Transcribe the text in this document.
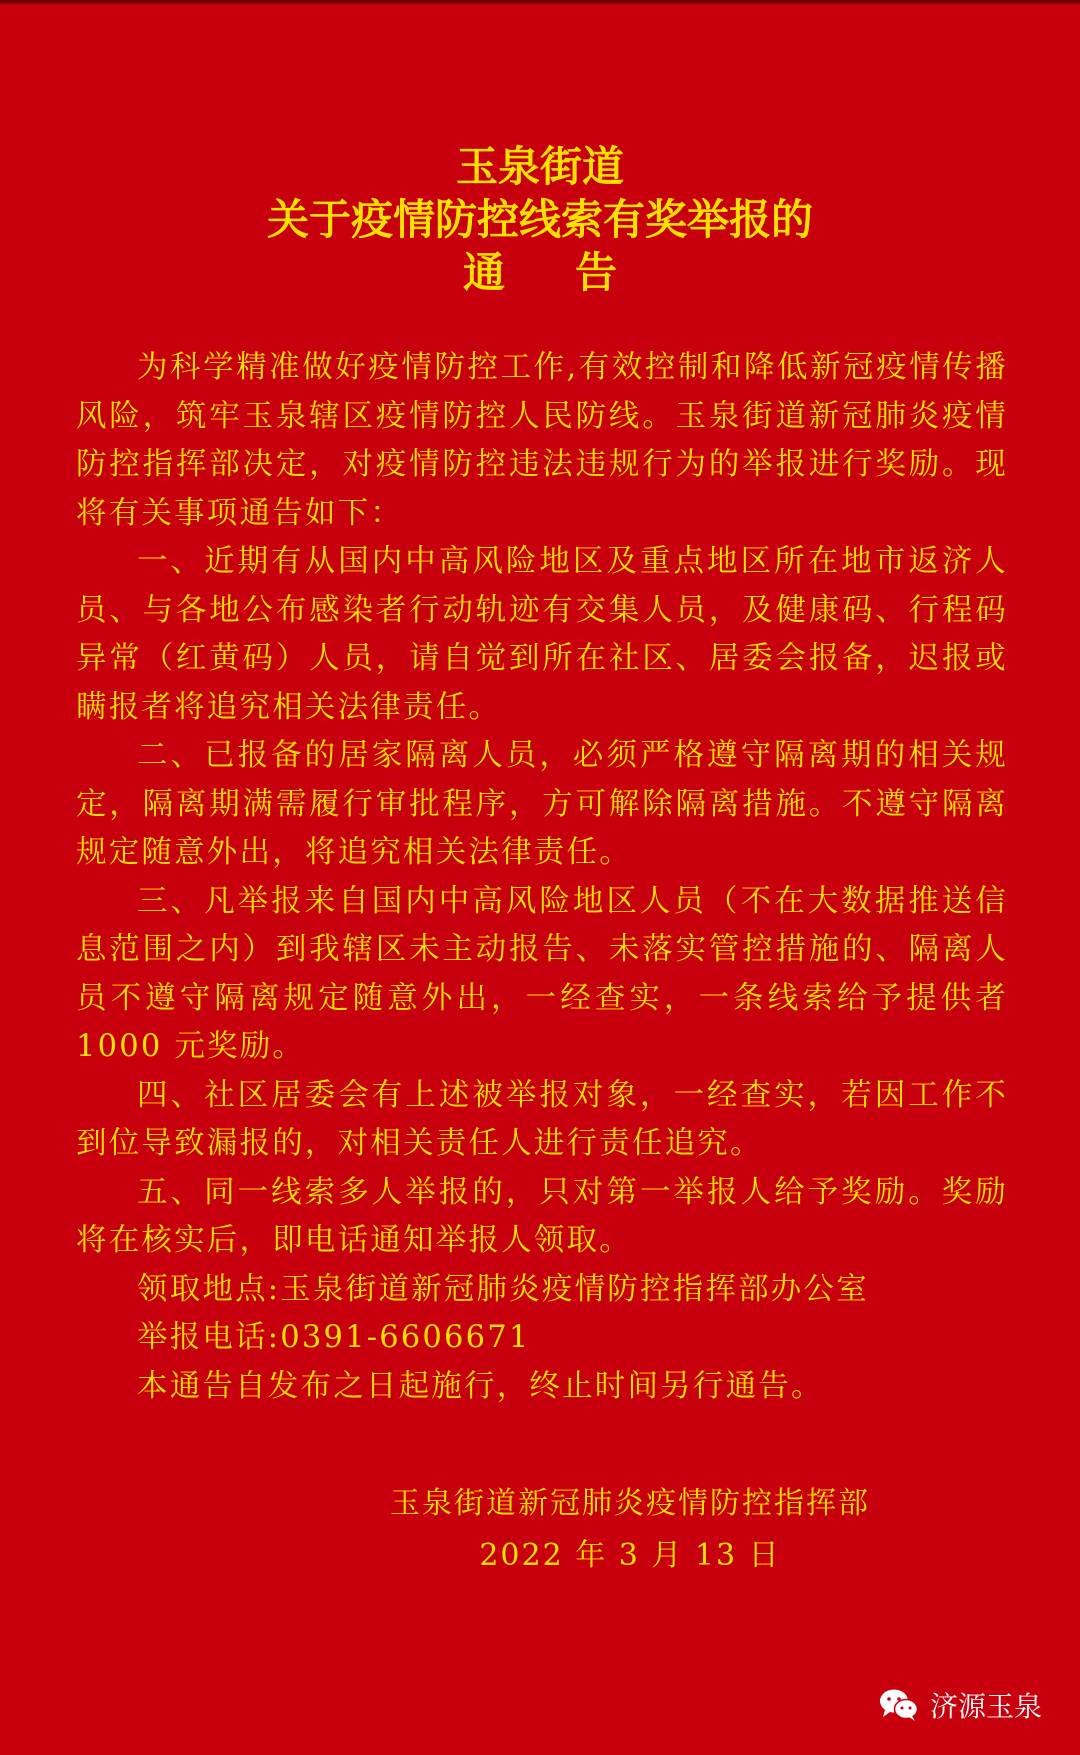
玉泉街道
关于疫情防控线索有奖举报的
通告

为科学精准做好疫情防控工作,有效控制和降低新冠疫情传播风险，筑牢玉泉辖区疫情防控人民防线。玉泉街道新冠肺炎疫情防控指挥部决定，对疫情防控违法违规行为的举报进行奖励。现将有关事项通告如下：

一、近期有从国内中高风险地区及重点地区所在地市返济人员、与各地公布感染者行动轨迹有交集人员，及健康码、行程码异常（红黄码）人员，请自觉到所在社区、居委会报备，迟报或瞒报者将追究相关法律责任。

二、已报备的居家隔离人员，必须严格遵守隔离期的相关规定，隔离期满需履行审批程序，方可解除隔离措施。不遵守隔离规定随意外出，将追究相关法律责任。

三、凡举报来自国内中高风险地区人员（不在大数据推送信息范围之内）到我辖区未主动报告、未落实管控措施的、隔离人员不遵守隔离规定随意外出，一经查实，一条线索给予提供者 1000 元奖励。

四、社区居委会有上述被举报对象，一经查实，若因工作不到位导致漏报的，对相关责任人进行责任追究。

五、同一线索多人举报的，只对第一举报人给予奖励。奖励将在核实后，即电话通知举报人领取。

领取地点:玉泉街道新冠肺炎疫情防控指挥部办公室

举报电话:0391-6606671

本通告自发布之日起施行，终止时间另行通告。

玉泉街道新冠肺炎疫情防控指挥部
2022 年 3 月 13 日
济源玉泉
